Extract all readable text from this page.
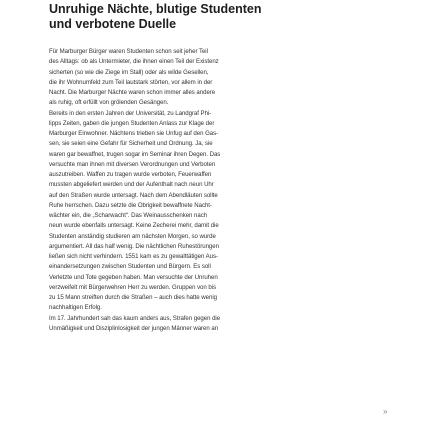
Unruhige Nächte, blutige Studenten
und verbotene Duelle
Für Marburger Bürger waren Studenten schon seit jeher Teil
des Alltags: ob als Untermieter, die ihnen einen Teil der Existenz
sicherten (so wie die Ziege im Stall) oder als wilde Gesellen,
die ihr Wohnumfeld zum Teil lautstark störten, vor allem in der
Nacht. Die Marburger Nächte waren schon immer alles andere
als ruhig, oft erfüllt von grölenden Gesängen.
Bereits in den ersten Jahren der Universität, zu Landgraf Phi-
lipps Zeiten, gaben die jungen Studenten Anlass zur Klage der
Marburger Einwohner. Nächtens trieben sie Unfug auf den Gas-
sen, sie seien eine Gefahr für Sicherheit und Ordnung. Ja, sie
waren gar bewaffnet, trugen sogar im Seminar ihren Degen. Das
versuchte man ihnen mit diversen Verordnungen und Verboten
auszutreiben. Waffen zu tragen wurde verboten, Feuerwaffen
mussten abgeliefert werden und der Aufenthalt nach neun Uhr
auf den Straßen wurde untersagt. Nach dem Abendläuten sollte
Ruhe herrschen. Dazu setzte die Obrigkeit bewaffnete Nacht-
wächter ein, die „Scharwacht“. Das Weinausschenken nach
neun wurde ebenfalls untersagt. Keine Zecherei mehr, damit die
Studenten anständig studieren am nächsten Morgen, so wurde
argumentiert. All das half wenig. Die nächtlichen Ruhestörungen
ließen sich nicht verhindern. 1551 kam es zu gewalttätigen Aus-
einandersetzungen zwischen Studenten und Bürgern. Es soll
Verletzte und Tote gegeben haben. Man versuchte der Unruhen
verzweifelt mit Bürgerwehren Herr zu werden. Gruppen von bis
zu 15 Mann streiften durch die Straßen – auch dies hatte wenig
nachhaltigen Erfolg.
Im 17. Jahrhundert sah das kaum anders aus, Strafen gegen die
Unmäßigkeit und Disziplinlosigkeit der jungen Männer waren an
»
